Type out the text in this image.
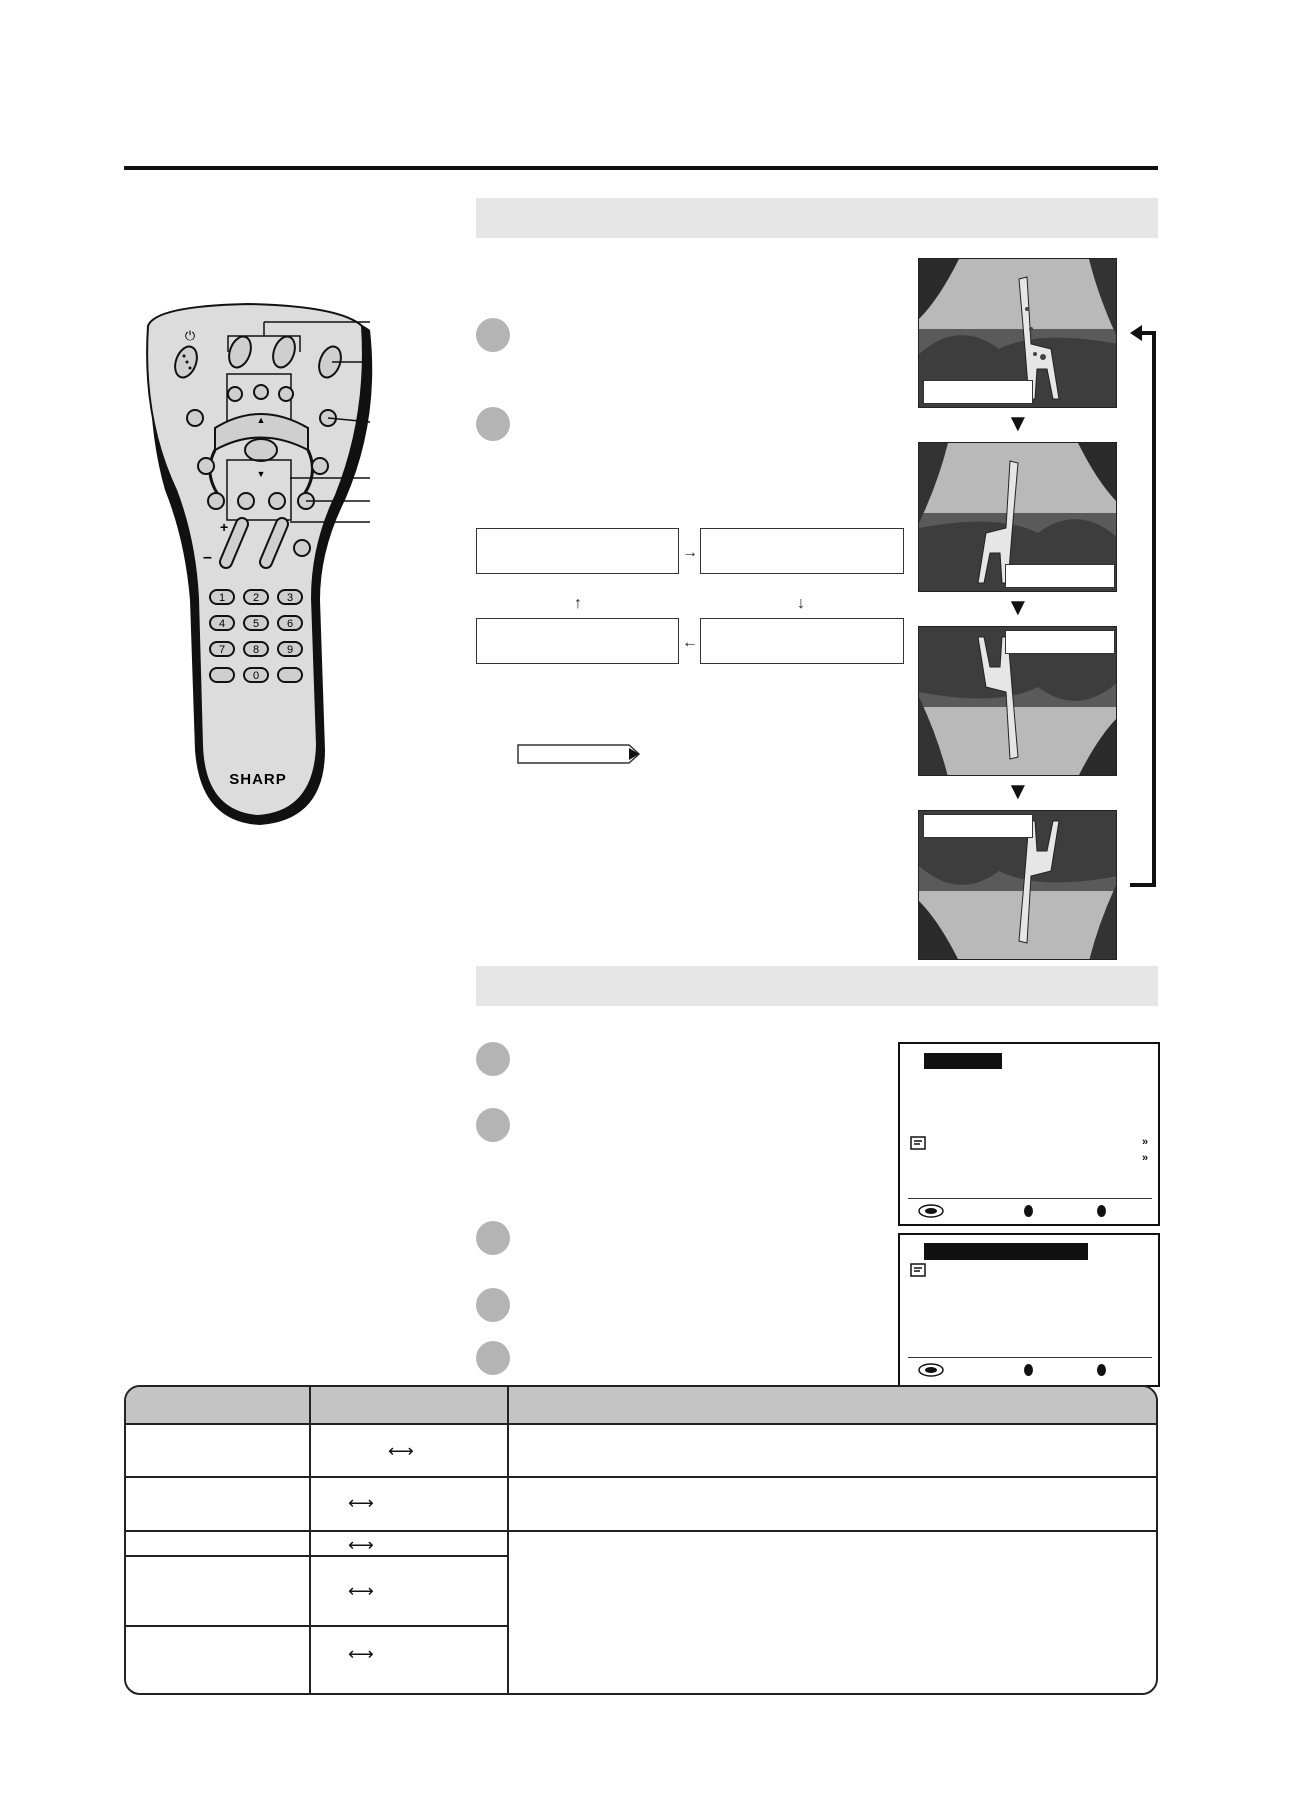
⏻
▲
▼
+
–
1	2	3
4	5	6
7	8	9
0
SHARP
→
←
↑	↓
▼
▼
▼
»
»
⟷
⟷
⟷
⟷
⟷
